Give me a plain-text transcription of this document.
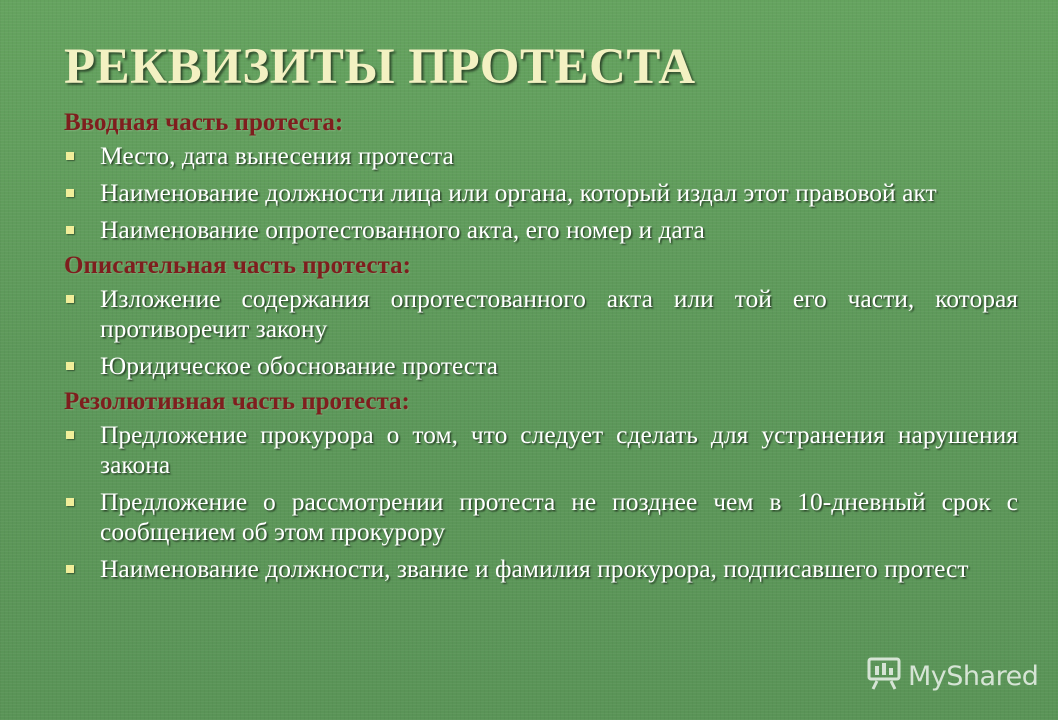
РЕКВИЗИТЫ ПРОТЕСТА
Вводная часть протеста:
Место, дата вынесения протеста
Наименование должности лица или органа, который издал этот правовой акт
Наименование опротестованного акта, его номер и дата
Описательная часть протеста:
Изложение содержания опротестованного акта или той его части, которая противоречит закону
Юридическое обоснование протеста
Резолютивная часть протеста:
Предложение прокурора о том, что следует сделать для устранения нарушения закона
Предложение о рассмотрении протеста не позднее чем в 10-дневный срок с сообщением об этом прокурору
Наименование должности, звание и фамилия прокурора, подписавшего протест
MyShared
